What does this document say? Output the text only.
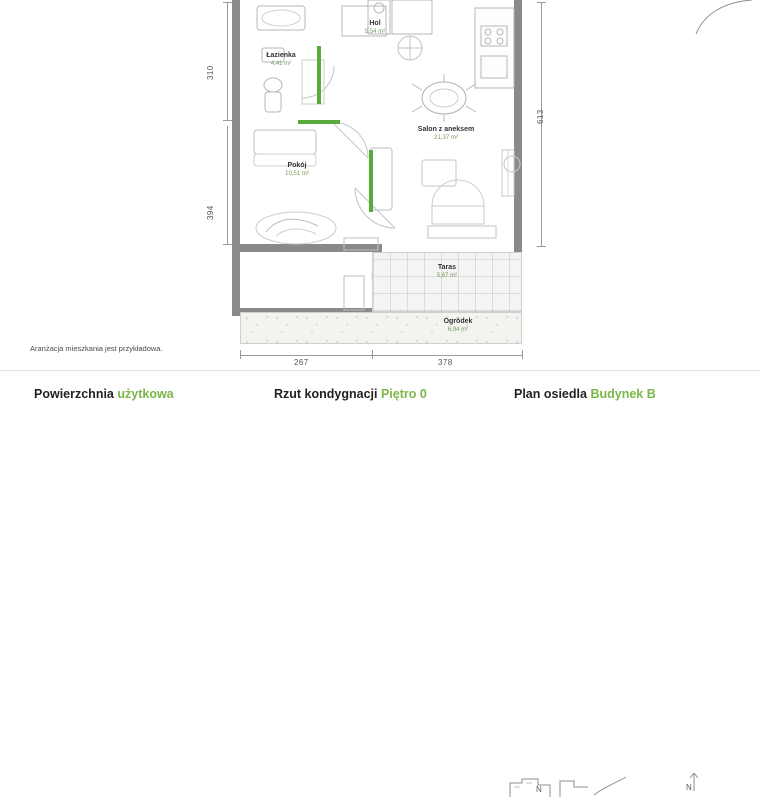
Hol
5,54 m²
Łazienka
4,41 m²
Pokój
10,51 m²
Salon z aneksem
21,37 m²
Taras
5,67 m²
Ogródek
6,94 m²
310
394
613
267	378
Aranżacja mieszkania jest przykładowa.
Powierzchnia użytkowa	Rzut kondygnacji Piętro 0	Plan osiedla Budynek B
N	N
